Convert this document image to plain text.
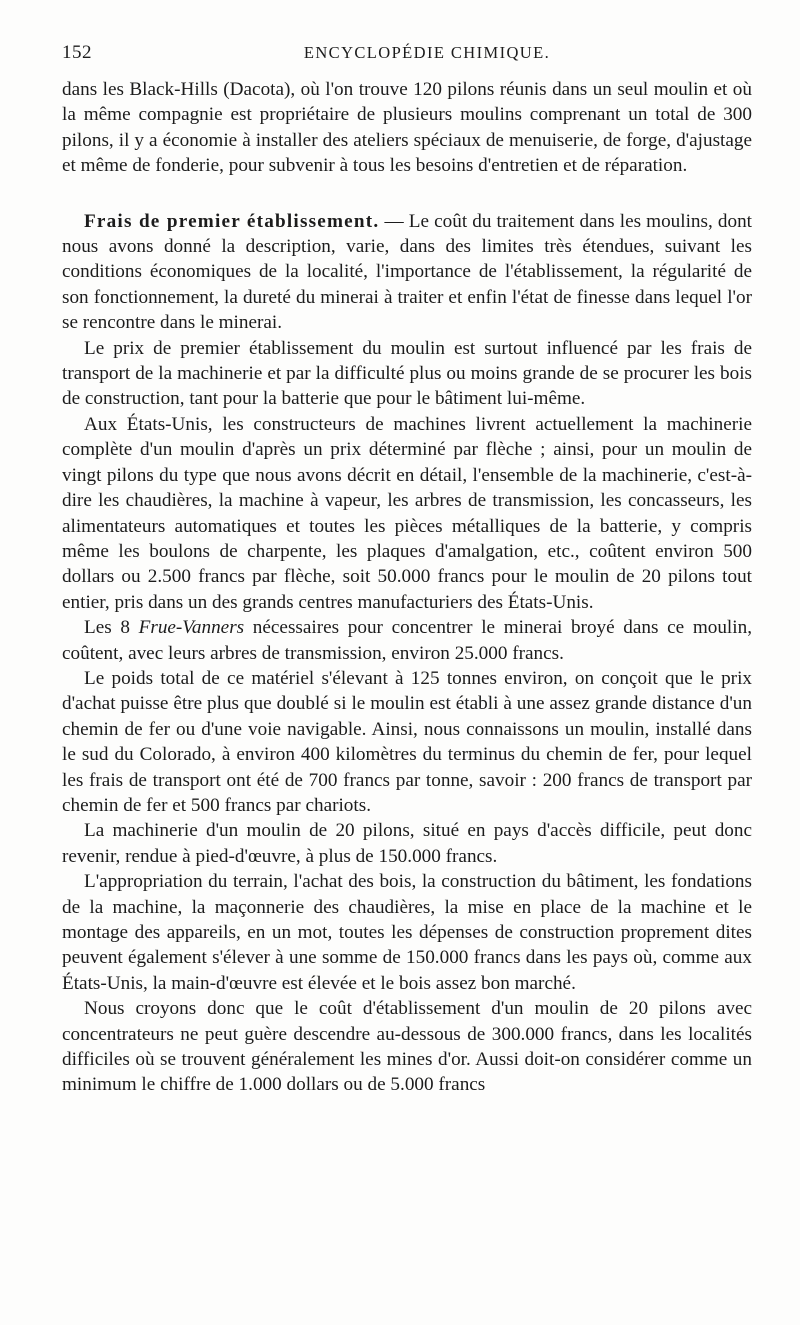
152	ENCYCLOPÉDIE CHIMIQUE.

dans les Black-Hills (Dacota), où l'on trouve 120 pilons réunis dans un seul moulin et où la même compagnie est propriétaire de plusieurs moulins comprenant un total de 300 pilons, il y a économie à installer des ateliers spéciaux de menuiserie, de forge, d'ajustage et même de fonderie, pour subvenir à tous les besoins d'entretien et de réparation.

Frais de premier établissement. — Le coût du traitement dans les moulins, dont nous avons donné la description, varie, dans des limites très étendues, suivant les conditions économiques de la localité, l'importance de l'établissement, la régularité de son fonctionnement, la dureté du minerai à traiter et enfin l'état de finesse dans lequel l'or se rencontre dans le minerai.

Le prix de premier établissement du moulin est surtout influencé par les frais de transport de la machinerie et par la difficulté plus ou moins grande de se procurer les bois de construction, tant pour la batterie que pour le bâtiment lui-même.

Aux États-Unis, les constructeurs de machines livrent actuellement la machinerie complète d'un moulin d'après un prix déterminé par flèche ; ainsi, pour un moulin de vingt pilons du type que nous avons décrit en détail, l'ensemble de la machinerie, c'est-à-dire les chaudières, la machine à vapeur, les arbres de transmission, les concasseurs, les alimentateurs automatiques et toutes les pièces métalliques de la batterie, y compris même les boulons de charpente, les plaques d'amalgation, etc., coûtent environ 500 dollars ou 2.500 francs par flèche, soit 50.000 francs pour le moulin de 20 pilons tout entier, pris dans un des grands centres manufacturiers des États-Unis.

Les 8 Frue-Vanners nécessaires pour concentrer le minerai broyé dans ce moulin, coûtent, avec leurs arbres de transmission, environ 25.000 francs.

Le poids total de ce matériel s'élevant à 125 tonnes environ, on conçoit que le prix d'achat puisse être plus que doublé si le moulin est établi à une assez grande distance d'un chemin de fer ou d'une voie navigable. Ainsi, nous connaissons un moulin, installé dans le sud du Colorado, à environ 400 kilomètres du terminus du chemin de fer, pour lequel les frais de transport ont été de 700 francs par tonne, savoir : 200 francs de transport par chemin de fer et 500 francs par chariots.

La machinerie d'un moulin de 20 pilons, situé en pays d'accès difficile, peut donc revenir, rendue à pied-d'œuvre, à plus de 150.000 francs.

L'appropriation du terrain, l'achat des bois, la construction du bâtiment, les fondations de la machine, la maçonnerie des chaudières, la mise en place de la machine et le montage des appareils, en un mot, toutes les dépenses de construction proprement dites peuvent également s'élever à une somme de 150.000 francs dans les pays où, comme aux États-Unis, la main-d'œuvre est élevée et le bois assez bon marché.

Nous croyons donc que le coût d'établissement d'un moulin de 20 pilons avec concentrateurs ne peut guère descendre au-dessous de 300.000 francs, dans les localités difficiles où se trouvent généralement les mines d'or. Aussi doit-on considérer comme un minimum le chiffre de 1.000 dollars ou de 5.000 francs
